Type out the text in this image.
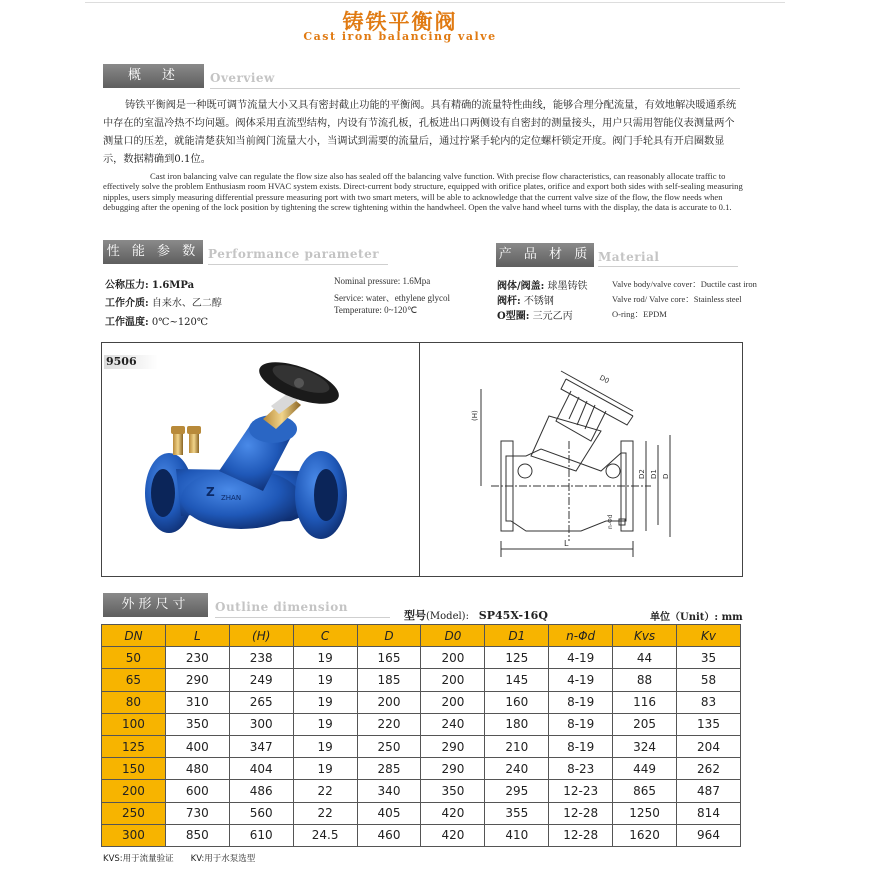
铸铁平衡阀
Cast iron balancing valve
概　述	Overview
铸铁平衡阀是一种既可调节流量大小又具有密封截止功能的平衡阀。具有精确的流量特性曲线，能够合理分配流量，有效地解决暖通系统中存在的室温冷热不均问题。阀体采用直流型结构，内设有节流孔板，孔板进出口两侧设有自密封的测量接头，用户只需用智能仪表测量两个测量口的压差，就能清楚获知当前阀门流量大小，当调试到需要的流量后，通过拧紧手轮内的定位螺杆锁定开度。阀门手轮具有开启圈数显示，数据精确到0.1位。
Cast iron balancing valve can regulate the flow size also has sealed off the balancing valve function. With precise flow characteristics, can reasonably allocate traffic to effectively solve the problem Enthusiasm room HVAC system exists. Direct-current body structure, equipped with orifice plates, orifice and export both sides with self-sealing measuring nipples, users simply measuring differential pressure measuring port with two smart meters, will be able to acknowledge that the current valve size of the flow, the flow needs when debugging after the opening of the lock position by tightening the screw tightening within the handwheel. Open the valve hand wheel turns with the display, the data is accurate to 0.1.
性 能 参 数 Performance parameter
公称压力: 1.6MPa
工作介质: 自来水、乙二醇
工作温度: 0℃~120℃
Nominal pressure: 1.6Mpa
Service: water、ethylene glycol
Temperature: 0~120℃
产 品 材 质 Material
阀体/阀盖: 球墨铸铁
阀杆: 不锈钢
O型圈: 三元乙丙
Valve body/valve cover：Ductile cast iron
Valve rod/ Valve core：Stainless steel
O-ring：EPDM
Z ZHAN
9506
D0
(H)
D2 D1 D
n-Φd
L
外形尺寸	Outline dimension
型号(Model): SP45X-16Q	单位（Unit）: mm
DN	L	(H)	C	D	D0	D1	n-Φd	Kvs	Kv
50	230	238	19	165	200	125	4-19	44	35
65	290	249	19	185	200	145	4-19	88	58
80	310	265	19	200	200	160	8-19	116	83
100	350	300	19	220	240	180	8-19	205	135
125	400	347	19	250	290	210	8-19	324	204
150	480	404	19	285	290	240	8-23	449	262
200	600	486	22	340	350	295	12-23	865	487
250	730	560	22	405	420	355	12-28	1250	814
300	850	610	24.5	460	420	410	12-28	1620	964
KVS:用于流量验证　　KV:用于水泵选型
